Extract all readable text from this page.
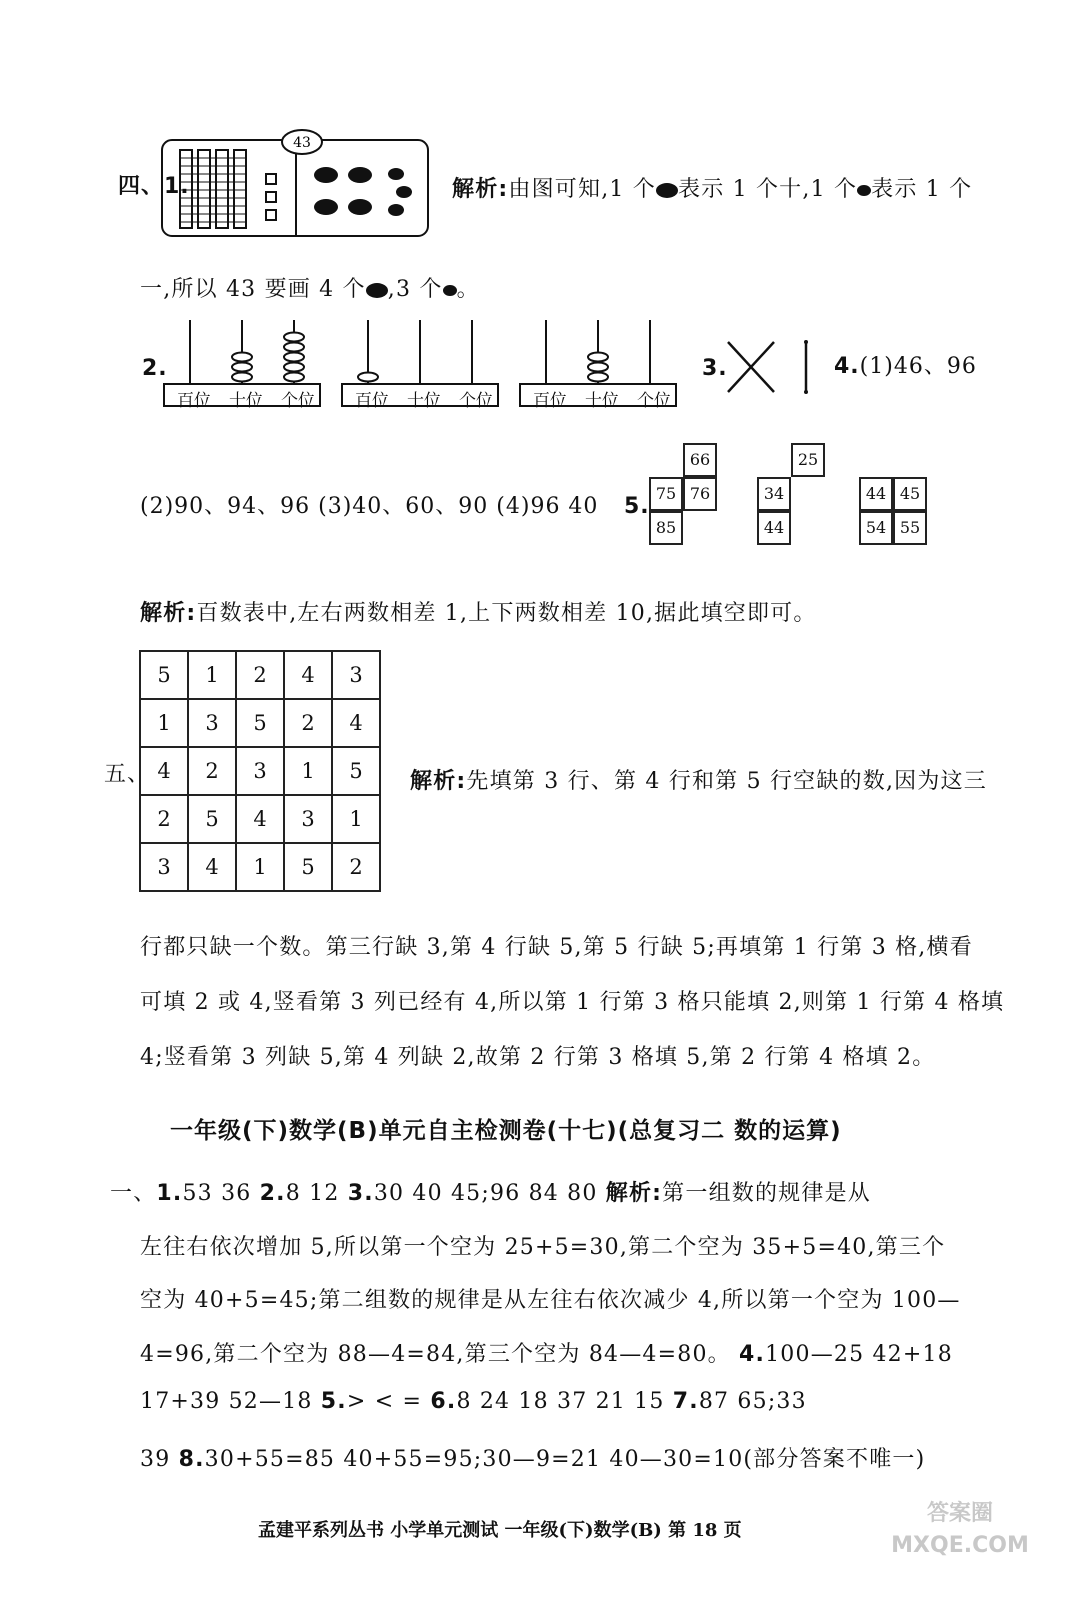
四、1.
43
解析:由图可知,1 个 表示 1 个十,1 个 表示 1 个
一,所以 43 要画 4 个 ,3 个 。
2.
百位	十位	个位	百位	十位	个位	百位	十位	个位
3.	4.(1)46、96
(2)90、94、96 (3)40、60、90 (4)96 40 5.
66
75 76
85
25
34
44
44 45
54 55
解析:百数表中,左右两数相差 1,上下两数相差 10,据此填空即可。
五、
5	1	2	4	3
1	3	5	2	4
4	2	3	1	5
2	5	4	3	1
3	4	1	5	2
解析:先填第 3 行、第 4 行和第 5 行空缺的数,因为这三
行都只缺一个数。第三行缺 3,第 4 行缺 5,第 5 行缺 5;再填第 1 行第 3 格,横看
可填 2 或 4,竖看第 3 列已经有 4,所以第 1 行第 3 格只能填 2,则第 1 行第 4 格填
4;竖看第 3 列缺 5,第 4 列缺 2,故第 2 行第 3 格填 5,第 2 行第 4 格填 2。
一年级(下)数学(B)单元自主检测卷(十七)(总复习二 数的运算)
一、1.53 36 2.8 12 3.30 40 45;96 84 80 解析:第一组数的规律是从
左往右依次增加 5,所以第一个空为 25+5=30,第二个空为 35+5=40,第三个
空为 40+5=45;第二组数的规律是从左往右依次减少 4,所以第一个空为 100—
4=96,第二个空为 88—4=84,第三个空为 84—4=80。 4.100—25 42+18
17+39 52—18 5.> < = 6.8 24 18 37 21 15 7.87 65;33
39 8.30+55=85 40+55=95;30—9=21 40—30=10(部分答案不唯一)
孟建平系列丛书 小学单元测试 一年级(下)数学(B) 第 18 页
答案圈 MXQE.COM
